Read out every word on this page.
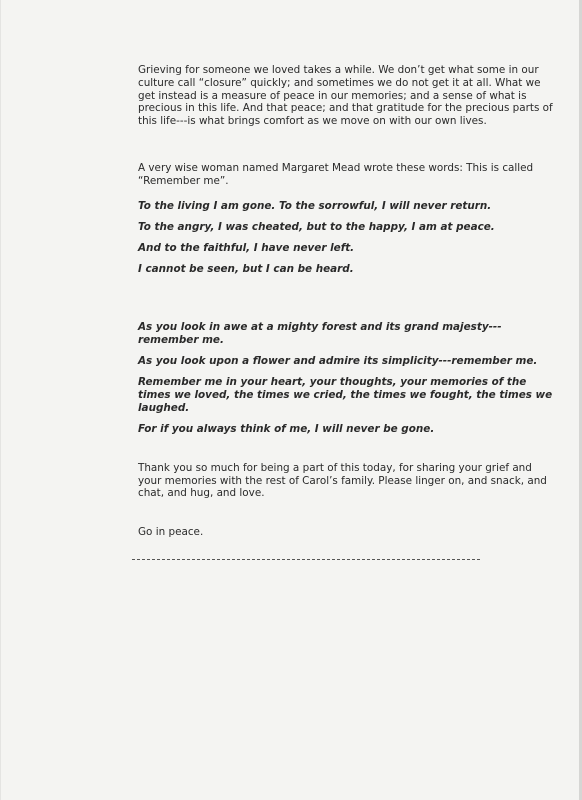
Grieving for someone we loved takes a while. We don’t get what some in our culture call “closure” quickly; and sometimes we do not get it at all. What we get instead is a measure of peace in our memories; and a sense of what is precious in this life. And that peace; and that gratitude for the precious parts of this life---is what brings comfort as we move on with our own lives.

A very wise woman named Margaret Mead wrote these words: This is called “Remember me”.

To the living I am gone. To the sorrowful, I will never return.

To the angry, I was cheated, but to the happy, I am at peace.

And to the faithful, I have never left.

I cannot be seen, but I can be heard.

As you look in awe at a mighty forest and its grand majesty---remember me.

As you look upon a flower and admire its simplicity---remember me.

Remember me in your heart, your thoughts, your memories of the times we loved, the times we cried, the times we fought, the times we laughed.

For if you always think of me, I will never be gone.

Thank you so much for being a part of this today, for sharing your grief and your memories with the rest of Carol’s family. Please linger on, and snack, and chat, and hug, and love.

Go in peace.
